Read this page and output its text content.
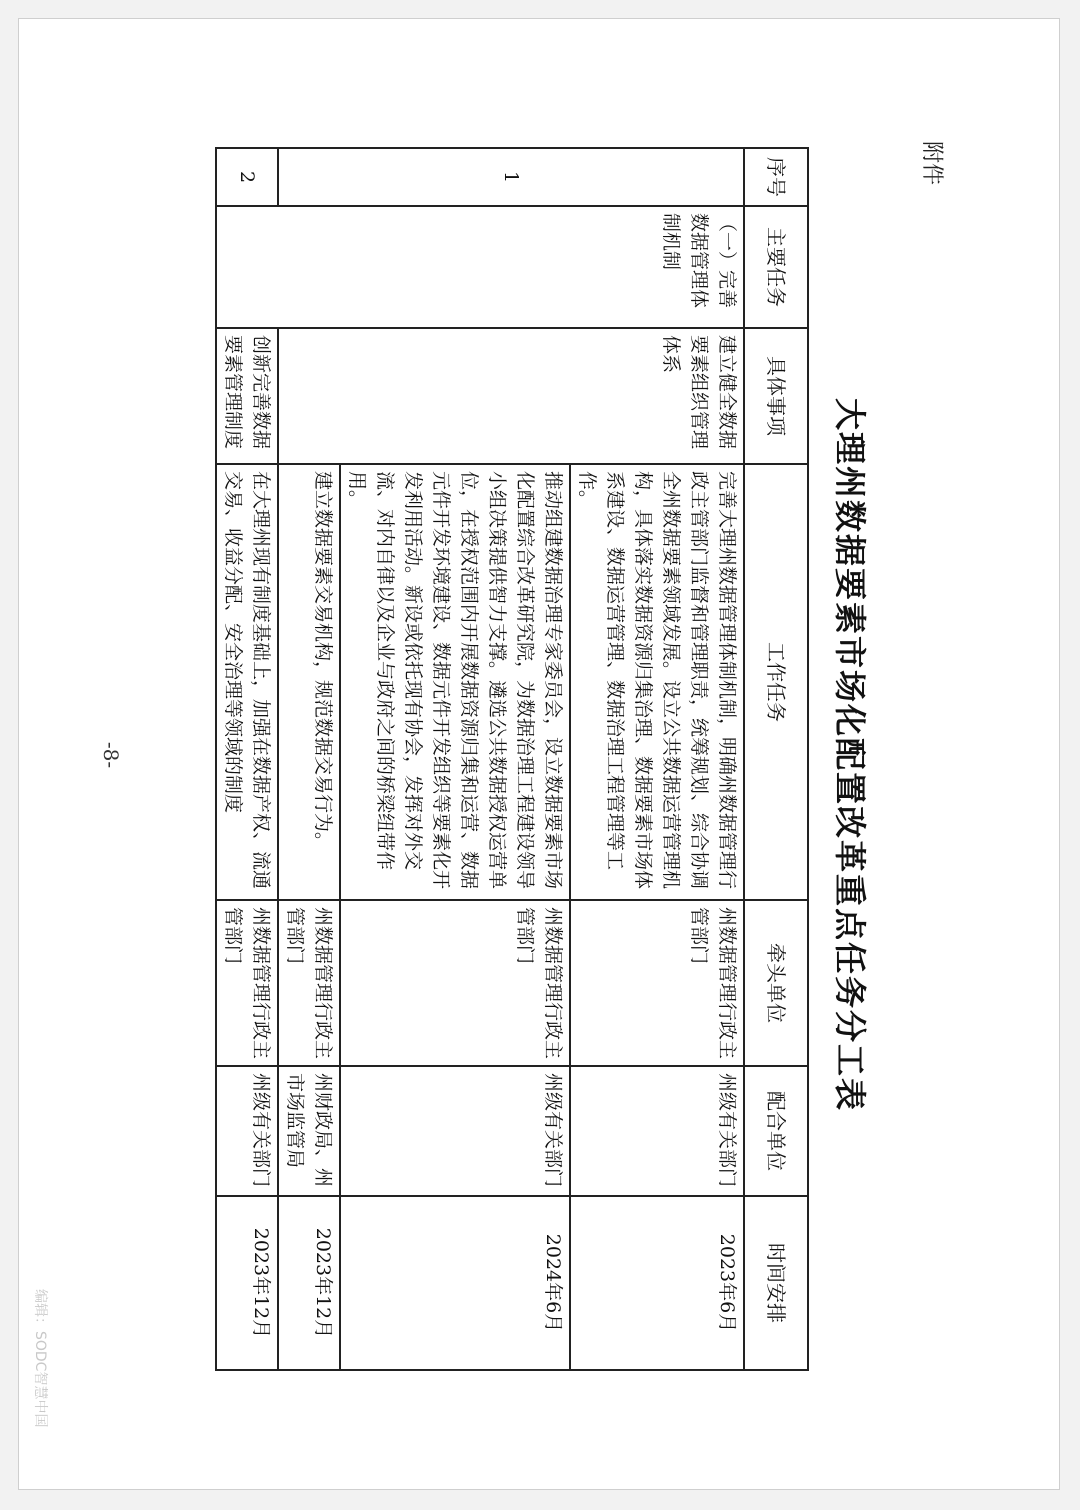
附件
大理州数据要素市场化配置改革重点任务分工表
序号	主要任务	具体事项	工作任务	牵头单位	配合单位	时间安排
1	（一）完善数据管理体制机制	建立健全数据要素组织管理体系	完善大理州数据管理体制机制，明确州数据管理行政主管部门监督和管理职责，统筹规划、综合协调全州数据要素领域发展。设立公共数据运营管理机构，具体落实数据资源归集治理、数据要素市场体系建设、数据运营管理、数据治理工程管理等工作。	州数据管理行政主管部门	州级有关部门	2023年6月
			推动组建数据治理专家委员会，设立数据要素市场化配置综合改革研究院，为数据治理工程建设领导小组决策提供智力支撑。遴选公共数据授权运营单位，在授权范围内开展数据资源归集和运营、数据元件开发环境建设、数据元件开发组织等要素化开发利用活动。新设或依托现有协会，发挥对外交流、对内自律以及企业与政府之间的桥梁纽带作用。	州数据管理行政主管部门	州级有关部门	2024年6月
			建立数据要素交易机构，规范数据交易行为。	州数据管理行政主管部门	州财政局、州市场监管局	2023年12月
2		创新完善数据要素管理制度	在大理州现有制度基础上，加强在数据产权、流通交易、收益分配、安全治理等领域的制度	州数据管理行政主管部门	州级有关部门	2023年12月
-8-
编辑：SODC智慧中国
